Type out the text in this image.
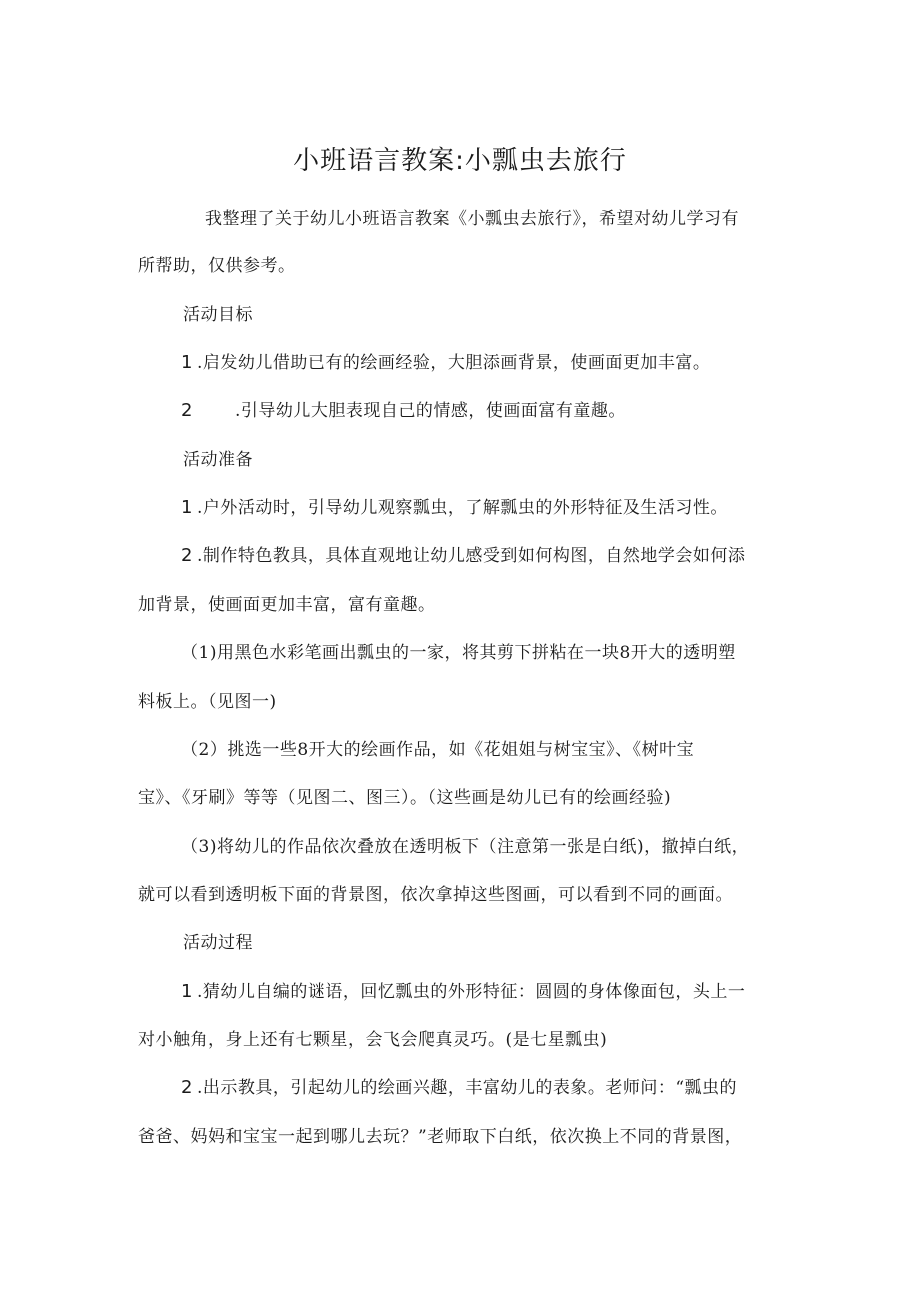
小班语言教案:小瓢虫去旅行
我整理了关于幼儿小班语言教案《小瓢虫去旅行》，希望对幼儿学习有
所帮助，仅供参考。
活动目标
1 .启发幼儿借助已有的绘画经验，大胆添画背景，使画面更加丰富。
2 .引导幼儿大胆表现自己的情感，使画面富有童趣。
活动准备
1 .户外活动时，引导幼儿观察瓢虫，了解瓢虫的外形特征及生活习性。
2 .制作特色教具，具体直观地让幼儿感受到如何构图，自然地学会如何添
加背景，使画面更加丰富，富有童趣。
（1)用黑色水彩笔画出瓢虫的一家，将其剪下拼粘在一块8开大的透明塑
料板上。（见图一)
（2）挑选一些8开大的绘画作品，如《花姐姐与树宝宝》、《树叶宝
宝》、《牙刷》等等（见图二、图三）。（这些画是幼儿已有的绘画经验)
（3)将幼儿的作品依次叠放在透明板下（注意第一张是白纸)，撤掉白纸，
就可以看到透明板下面的背景图，依次拿掉这些图画，可以看到不同的画面。
活动过程
1 .猜幼儿自编的谜语，回忆瓢虫的外形特征：圆圆的身体像面包，头上一
对小触角，身上还有七颗星，会飞会爬真灵巧。(是七星瓢虫)
2 .出示教具，引起幼儿的绘画兴趣，丰富幼儿的表象。老师问：“瓢虫的
爸爸、妈妈和宝宝一起到哪儿去玩？”老师取下白纸，依次换上不同的背景图，
